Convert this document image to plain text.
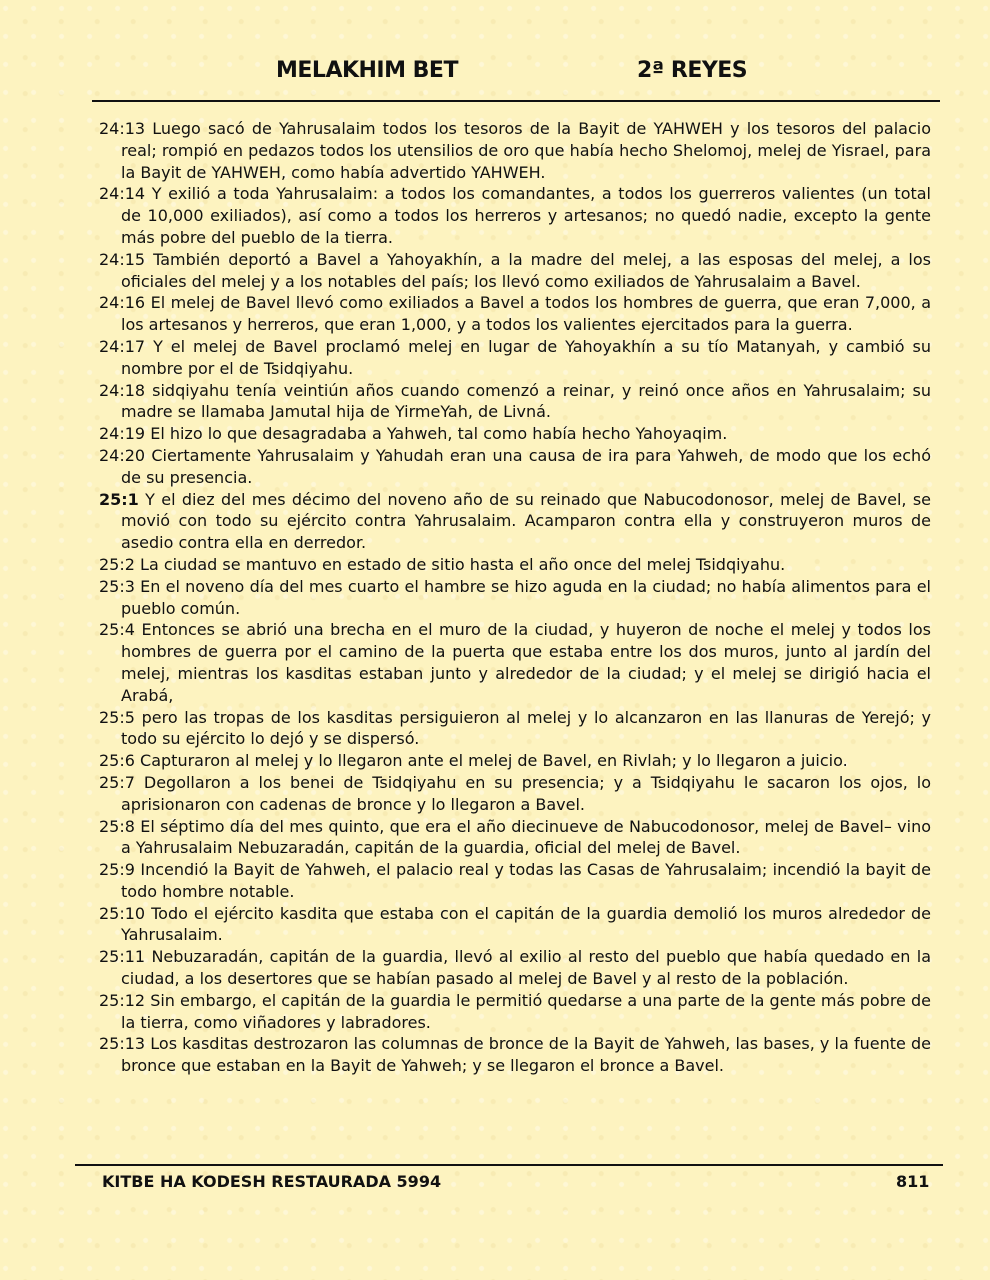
MELAKHIM BET	2ª REYES

24:13 Luego sacó de Yahrusalaim todos los tesoros de la Bayit de YAHWEH y los tesoros del palacio real; rompió en pedazos todos los utensilios de oro que había hecho Shelomoj, melej de Yisrael, para la Bayit de YAHWEH, como había advertido YAHWEH.

24:14 Y exilió a toda Yahrusalaim: a todos los comandantes, a todos los guerreros valientes (un total de 10,000 exiliados), así como a todos los herreros y artesanos; no quedó nadie, excepto la gente más pobre del pueblo de la tierra.

24:15 También deportó a Bavel a Yahoyakhín, a la madre del melej, a las esposas del melej, a los oficiales del melej y a los notables del país; los llevó como exiliados de Yahrusalaim a Bavel.

24:16 El melej de Bavel llevó como exiliados a Bavel a todos los hombres de guerra, que eran 7,000, a los artesanos y herreros, que eran 1,000, y a todos los valientes ejercitados para la guerra.

24:17 Y el melej de Bavel proclamó melej en lugar de Yahoyakhín a su tío Matanyah, y cambió su nombre por el de Tsidqiyahu.

24:18 sidqiyahu tenía veintiún años cuando comenzó a reinar, y reinó once años en Yahrusalaim; su madre se llamaba Jamutal hija de YirmeYah, de Livná.

24:19 El hizo lo que desagradaba a Yahweh, tal como había hecho Yahoyaqim.

24:20 Ciertamente Yahrusalaim y Yahudah eran una causa de ira para Yahweh, de modo que los echó de su presencia.

25:1 Y el diez del mes décimo del noveno año de su reinado que Nabucodonosor, melej de Bavel, se movió con todo su ejército contra Yahrusalaim. Acamparon contra ella y construyeron muros de asedio contra ella en derredor.

25:2 La ciudad se mantuvo en estado de sitio hasta el año once del melej Tsidqiyahu.

25:3 En el noveno día del mes cuarto el hambre se hizo aguda en la ciudad; no había alimentos para el pueblo común.

25:4 Entonces se abrió una brecha en el muro de la ciudad, y huyeron de noche el melej y todos los hombres de guerra por el camino de la puerta que estaba entre los dos muros, junto al jardín del melej, mientras los kasditas estaban junto y alrededor de la ciudad; y el melej se dirigió hacia el Arabá,

25:5 pero las tropas de los kasditas persiguieron al melej y lo alcanzaron en las llanuras de Yerejó; y todo su ejército lo dejó y se dispersó.

25:6 Capturaron al melej y lo llegaron ante el melej de Bavel, en Rivlah; y lo llegaron a juicio.

25:7 Degollaron a los benei de Tsidqiyahu en su presencia; y a Tsidqiyahu le sacaron los ojos, lo aprisionaron con cadenas de bronce y lo llegaron a Bavel.

25:8 El séptimo día del mes quinto, que era el año diecinueve de Nabucodonosor, melej de Bavel– vino a Yahrusalaim Nebuzaradán, capitán de la guardia, oficial del melej de Bavel.

25:9 Incendió la Bayit de Yahweh, el palacio real y todas las Casas de Yahrusalaim; incendió la bayit de todo hombre notable.

25:10 Todo el ejército kasdita que estaba con el capitán de la guardia demolió los muros alrededor de Yahrusalaim.

25:11 Nebuzaradán, capitán de la guardia, llevó al exilio al resto del pueblo que había quedado en la ciudad, a los desertores que se habían pasado al melej de Bavel y al resto de la población.

25:12 Sin embargo, el capitán de la guardia le permitió quedarse a una parte de la gente más pobre de la tierra, como viñadores y labradores.

25:13 Los kasditas destrozaron las columnas de bronce de la Bayit de Yahweh, las bases, y la fuente de bronce que estaban en la Bayit de Yahweh; y se llegaron el bronce a Bavel.

KITBE HA KODESH RESTAURADA 5994	811
